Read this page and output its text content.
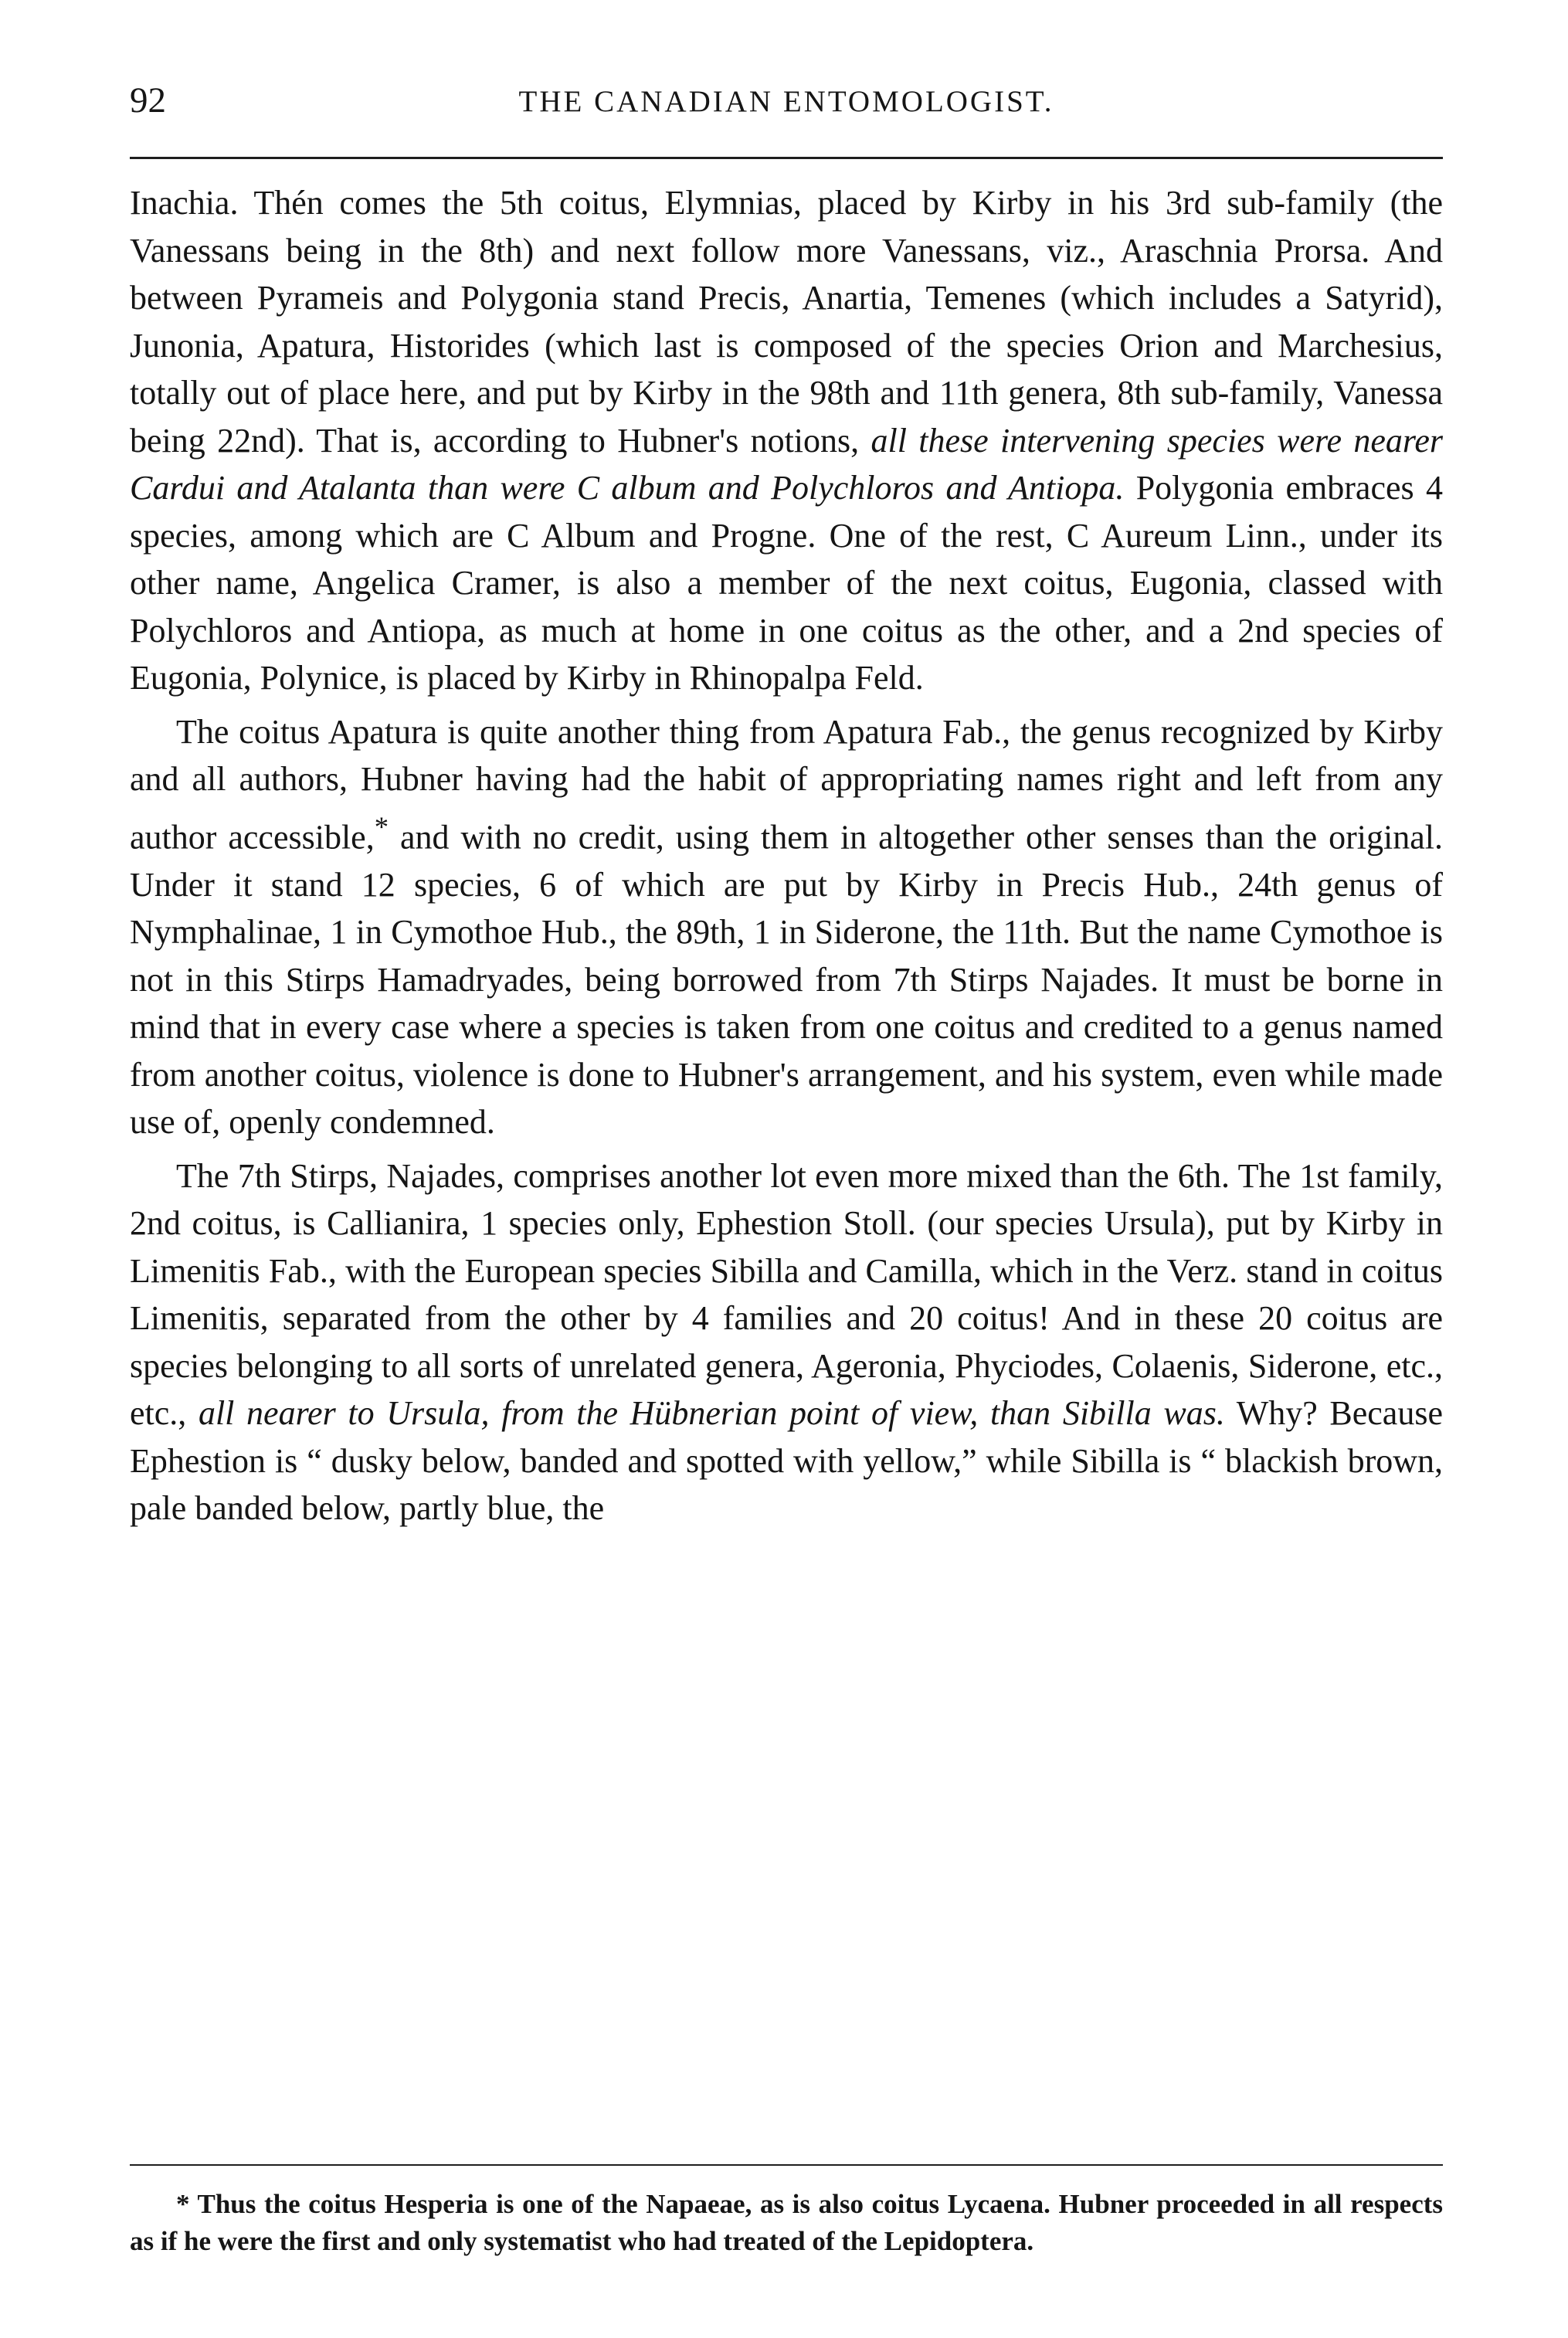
92	THE CANADIAN ENTOMOLOGIST.

Inachia. Thén comes the 5th coitus, Elymnias, placed by Kirby in his 3rd sub-family (the Vanessans being in the 8th) and next follow more Vanessans, viz., Araschnia Prorsa. And between Pyrameis and Polygonia stand Precis, Anartia, Temenes (which includes a Satyrid), Junonia, Apatura, Historides (which last is composed of the species Orion and Marchesius, totally out of place here, and put by Kirby in the 98th and 11th genera, 8th sub-family, Vanessa being 22nd). That is, according to Hubner's notions, all these intervening species were nearer Cardui and Atalanta than were C album and Polychloros and Antiopa. Polygonia embraces 4 species, among which are C Album and Progne. One of the rest, C Aureum Linn., under its other name, Angelica Cramer, is also a member of the next coitus, Eugonia, classed with Polychloros and Antiopa, as much at home in one coitus as the other, and a 2nd species of Eugonia, Polynice, is placed by Kirby in Rhinopalpa Feld.

The coitus Apatura is quite another thing from Apatura Fab., the genus recognized by Kirby and all authors, Hubner having had the habit of appropriating names right and left from any author accessible,* and with no credit, using them in altogether other senses than the original. Under it stand 12 species, 6 of which are put by Kirby in Precis Hub., 24th genus of Nymphalinae, 1 in Cymothoe Hub., the 89th, 1 in Siderone, the 11th. But the name Cymothoe is not in this Stirps Hamadryades, being borrowed from 7th Stirps Najades. It must be borne in mind that in every case where a species is taken from one coitus and credited to a genus named from another coitus, violence is done to Hubner's arrangement, and his system, even while made use of, openly condemned.

The 7th Stirps, Najades, comprises another lot even more mixed than the 6th. The 1st family, 2nd coitus, is Callianira, 1 species only, Ephestion Stoll. (our species Ursula), put by Kirby in Limenitis Fab., with the European species Sibilla and Camilla, which in the Verz. stand in coitus Limenitis, separated from the other by 4 families and 20 coitus! And in these 20 coitus are species belonging to all sorts of unrelated genera, Ageronia, Phyciodes, Colaenis, Siderone, etc., etc., all nearer to Ursula, from the Hübnerian point of view, than Sibilla was. Why? Because Ephestion is “ dusky below, banded and spotted with yellow,” while Sibilla is “ blackish brown, pale banded below, partly blue, the

* Thus the coitus Hesperia is one of the Napaeae, as is also coitus Lycaena. Hubner proceeded in all respects as if he were the first and only systematist who had treated of the Lepidoptera.
